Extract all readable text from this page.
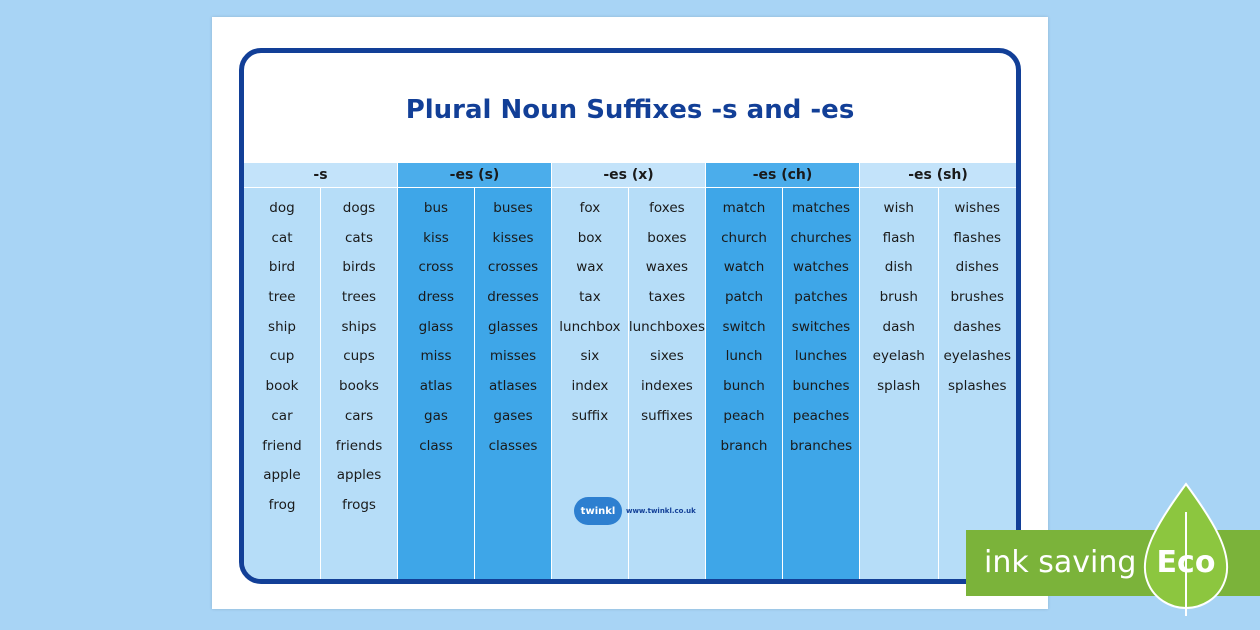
Plural Noun Suffixes -s and -es
-s
dog
cat
bird
tree
ship
cup
book
car
friend
apple
frog
dogs
cats
birds
trees
ships
cups
books
cars
friends
apples
frogs
-es (s)
bus
kiss
cross
dress
glass
miss
atlas
gas
class
buses
kisses
crosses
dresses
glasses
misses
atlases
gases
classes
-es (x)
fox
box
wax
tax
lunchbox
six
index
suffix
foxes
boxes
waxes
taxes
lunchboxes
sixes
indexes
suffixes
-es (ch)
match
church
watch
patch
switch
lunch
bunch
peach
branch
matches
churches
watches
patches
switches
lunches
bunches
peaches
branches
-es (sh)
wish
flash
dish
brush
dash
eyelash
splash
wishes
flashes
dishes
brushes
dashes
eyelashes
splashes
twinkl	www.twinkl.co.uk
ink saving Eco
